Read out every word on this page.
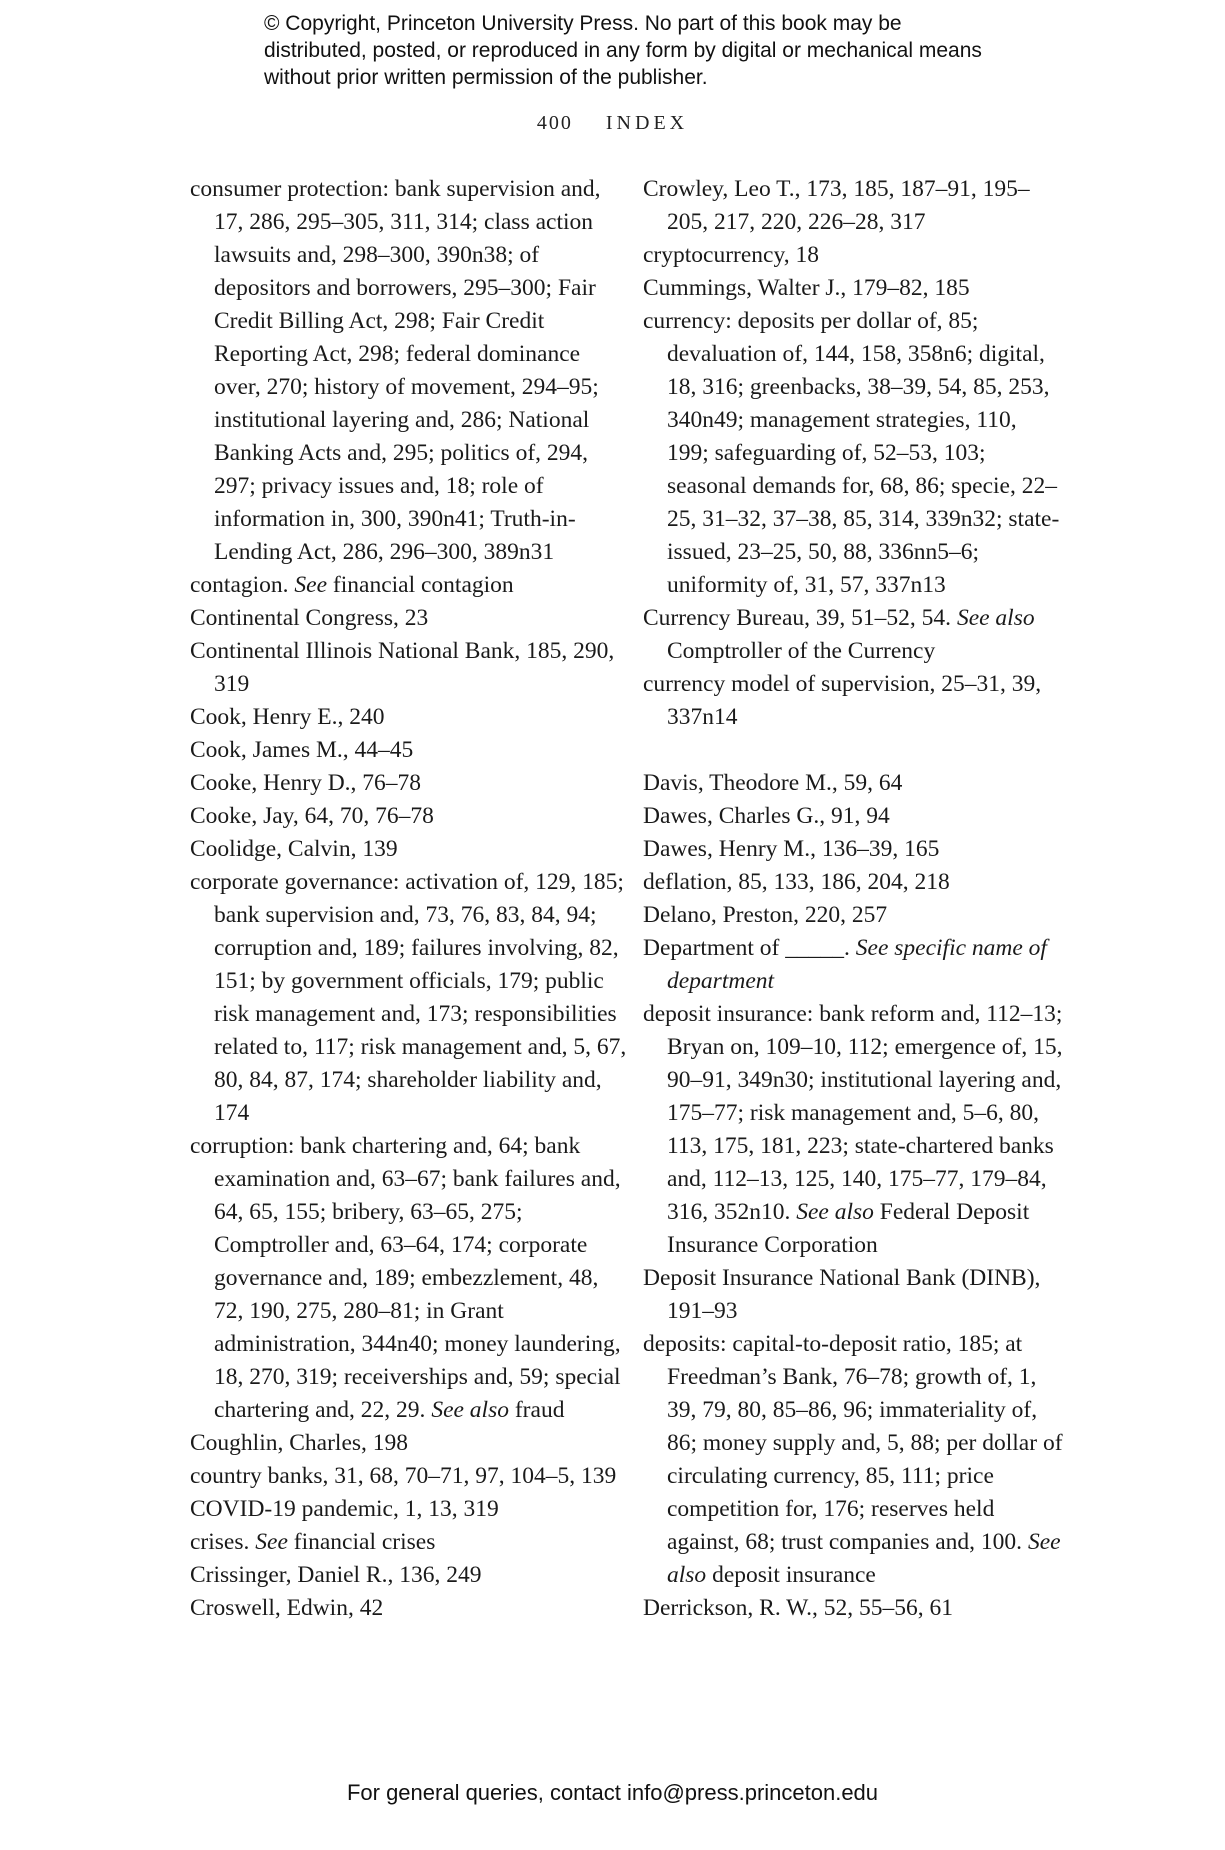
© Copyright, Princeton University Press. No part of this book may be distributed, posted, or reproduced in any form by digital or mechanical means without prior written permission of the publisher.
400 INDEX

consumer protection: bank supervision and, 17, 286, 295–305, 311, 314; class action lawsuits and, 298–300, 390n38; of depositors and borrowers, 295–300; Fair Credit Billing Act, 298; Fair Credit Reporting Act, 298; federal dominance over, 270; history of movement, 294–95; institutional layering and, 286; National Banking Acts and, 295; politics of, 294, 297; privacy issues and, 18; role of information in, 300, 390n41; Truth-in-Lending Act, 286, 296–300, 389n31

contagion. See financial contagion

Continental Congress, 23

Continental Illinois National Bank, 185, 290, 319

Cook, Henry E., 240

Cook, James M., 44–45

Cooke, Henry D., 76–78

Cooke, Jay, 64, 70, 76–78

Coolidge, Calvin, 139

corporate governance: activation of, 129, 185; bank supervision and, 73, 76, 83, 84, 94; corruption and, 189; failures involving, 82, 151; by government officials, 179; public risk management and, 173; responsibilities related to, 117; risk management and, 5, 67, 80, 84, 87, 174; shareholder liability and, 174

corruption: bank chartering and, 64; bank examination and, 63–67; bank failures and, 64, 65, 155; bribery, 63–65, 275; Comptroller and, 63–64, 174; corporate governance and, 189; embezzlement, 48, 72, 190, 275, 280–81; in Grant administration, 344n40; money laundering, 18, 270, 319; receiverships and, 59; special chartering and, 22, 29. See also fraud

Coughlin, Charles, 198

country banks, 31, 68, 70–71, 97, 104–5, 139

COVID-19 pandemic, 1, 13, 319

crises. See financial crises

Crissinger, Daniel R., 136, 249

Croswell, Edwin, 42

Crowley, Leo T., 173, 185, 187–91, 195–205, 217, 220, 226–28, 317

cryptocurrency, 18

Cummings, Walter J., 179–82, 185

currency: deposits per dollar of, 85; devaluation of, 144, 158, 358n6; digital, 18, 316; greenbacks, 38–39, 54, 85, 253, 340n49; management strategies, 110, 199; safeguarding of, 52–53, 103; seasonal demands for, 68, 86; specie, 22–25, 31–32, 37–38, 85, 314, 339n32; state-issued, 23–25, 50, 88, 336nn5–6; uniformity of, 31, 57, 337n13

Currency Bureau, 39, 51–52, 54. See also Comptroller of the Currency

currency model of supervision, 25–31, 39, 337n14

Davis, Theodore M., 59, 64

Dawes, Charles G., 91, 94

Dawes, Henry M., 136–39, 165

deflation, 85, 133, 186, 204, 218

Delano, Preston, 220, 257

Department of _____. See specific name of department

deposit insurance: bank reform and, 112–13; Bryan on, 109–10, 112; emergence of, 15, 90–91, 349n30; institutional layering and, 175–77; risk management and, 5–6, 80, 113, 175, 181, 223; state-chartered banks and, 112–13, 125, 140, 175–77, 179–84, 316, 352n10. See also Federal Deposit Insurance Corporation

Deposit Insurance National Bank (DINB), 191–93

deposits: capital-to-deposit ratio, 185; at Freedman’s Bank, 76–78; growth of, 1, 39, 79, 80, 85–86, 96; immateriality of, 86; money supply and, 5, 88; per dollar of circulating currency, 85, 111; price competition for, 176; reserves held against, 68; trust companies and, 100. See also deposit insurance

Derrickson, R. W., 52, 55–56, 61

For general queries, contact info@press.princeton.edu
